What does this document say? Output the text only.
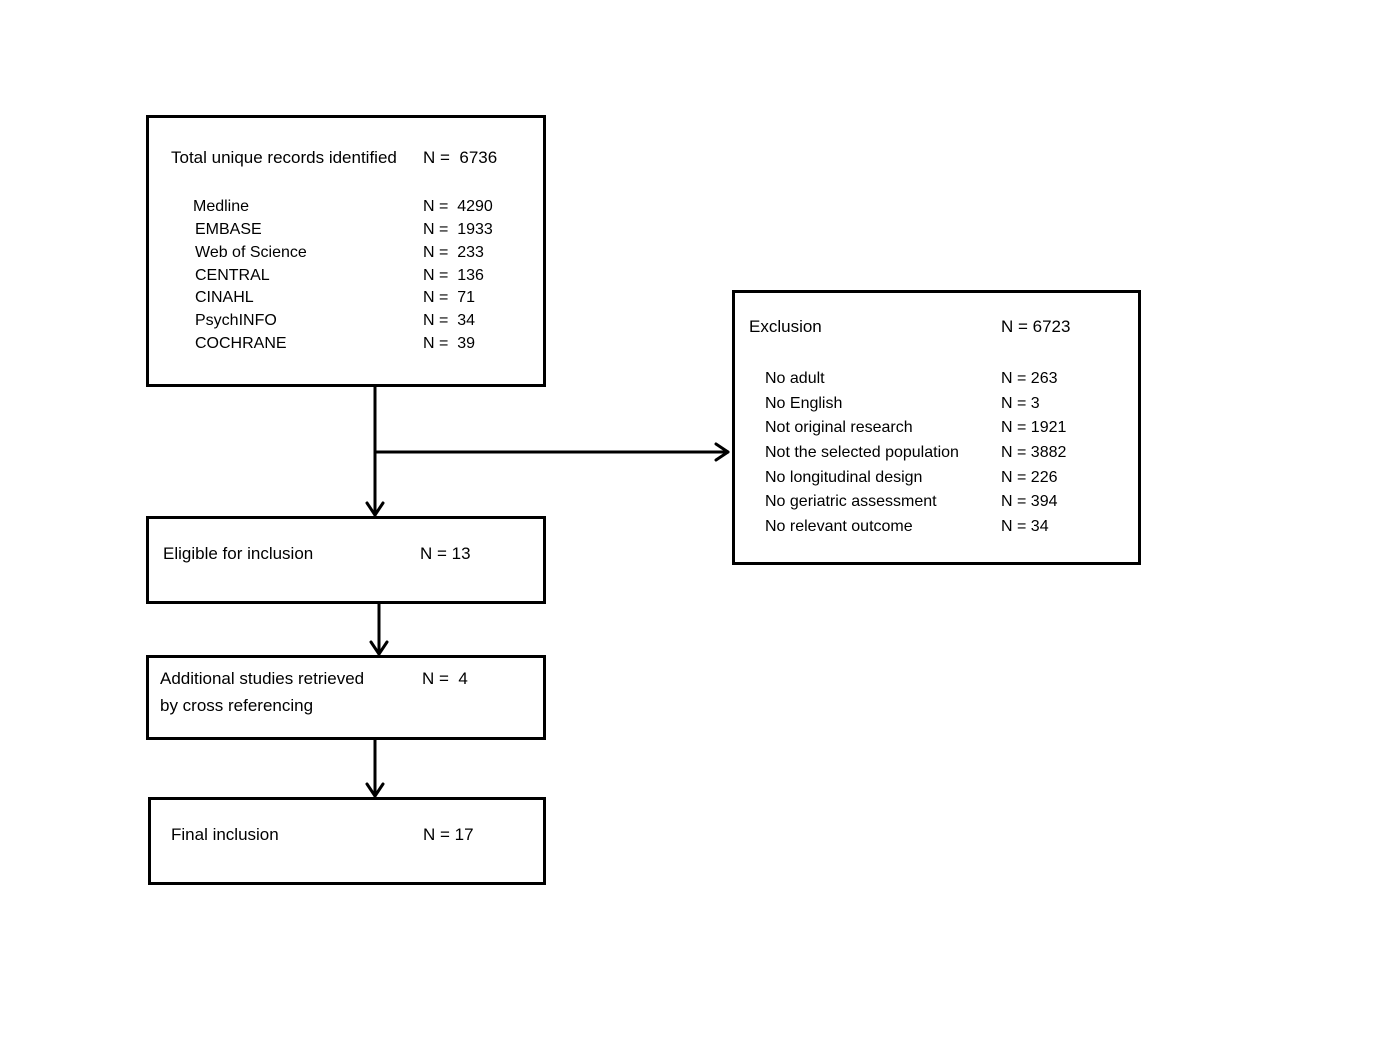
Total unique records identified N =  6736
Medline	N =  4290
EMBASE	N =  1933
Web of Science	N =  233
CENTRAL	N =  136
CINAHL	N =  71
PsychINFO	N =  34
COCHRANE	N =  39
Exclusion	N = 6723
No adult	N = 263
No English	N = 3
Not original research	N = 1921
Not the selected population	N = 3882
No longitudinal design	N = 226
No geriatric assessment	N = 394
No relevant outcome	N = 34
Eligible for inclusion	N = 13
Additional studies retrieved
by cross referencing
N =  4
Final inclusion	N = 17
